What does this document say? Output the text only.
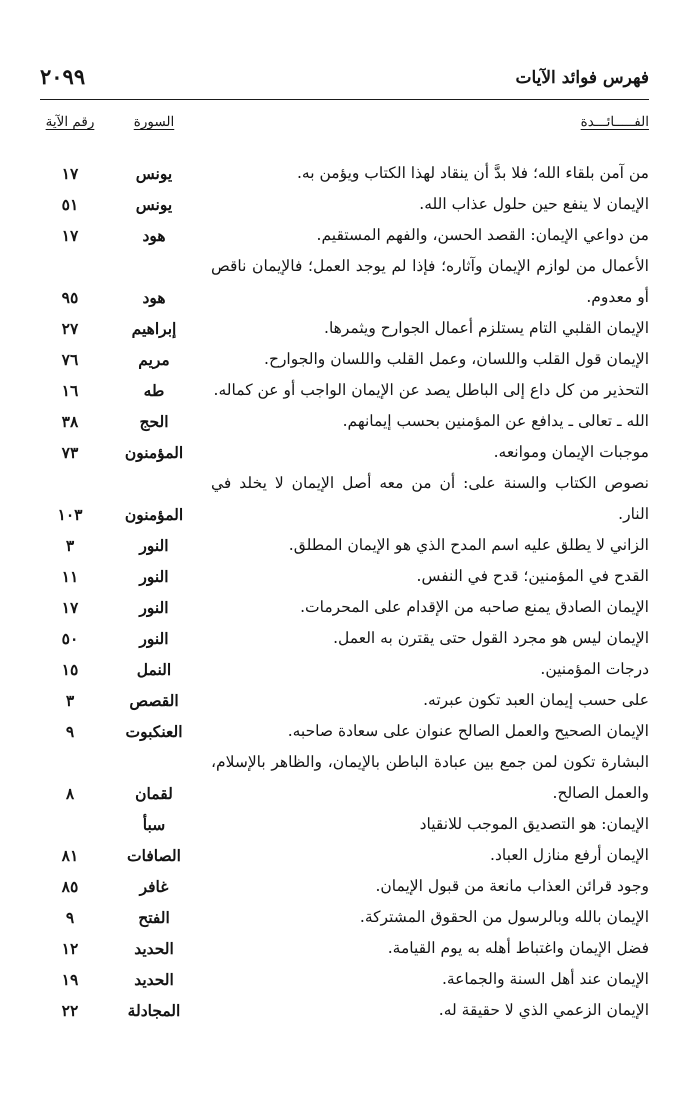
فهرس فوائد الآيات
٢٠٩٩
الفـــــائـــدة
السورة
رقم الآية
من آمن بلقاء الله؛ فلا بدَّ أن ينقاد لهذا الكتاب ويؤمن به.
يونس
١٧
الإيمان لا ينفع حين حلول عذاب الله.
يونس
٥١
من دواعي الإيمان: القصد الحسن، والفهم المستقيم.
هود
١٧
الأعمال من لوازم الإيمان وآثاره؛ فإذا لم يوجد العمل؛ فالإيمان ناقص أو معدوم.
هود
٩٥
الإيمان القلبي التام يستلزم أعمال الجوارح ويثمرها.
إبراهيم
٢٧
الإيمان قول القلب واللسان، وعمل القلب واللسان والجوارح.
مريم
٧٦
التحذير من كل داع إلى الباطل يصد عن الإيمان الواجب أو عن كماله.
طه
١٦
الله ـ تعالى ـ يدافع عن المؤمنين بحسب إيمانهم.
الحج
٣٨
موجبات الإيمان وموانعه.
المؤمنون
٧٣
نصوص الكتاب والسنة على: أن من معه أصل الإيمان لا يخلد في النار.
المؤمنون
١٠٣
الزاني لا يطلق عليه اسم المدح الذي هو الإيمان المطلق.
النور
٣
القدح في المؤمنين؛ قدح في النفس.
النور
١١
الإيمان الصادق يمنع صاحبه من الإقدام على المحرمات.
النور
١٧
الإيمان ليس هو مجرد القول حتى يقترن به العمل.
النور
٥٠
درجات المؤمنين.
النمل
١٥
على حسب إيمان العبد تكون عبرته.
القصص
٣
الإيمان الصحيح والعمل الصالح عنوان على سعادة صاحبه.
العنكبوت
٩
البشارة تكون لمن جمع بين عبادة الباطن بالإيمان، والظاهر بالإسلام، والعمل الصالح.
لقمان
٨
الإيمان: هو التصديق الموجب للانقياد
سبأ
الإيمان أرفع منازل العباد.
الصافات
٨١
وجود قرائن العذاب مانعة من قبول الإيمان.
غافر
٨٥
الإيمان بالله وبالرسول من الحقوق المشتركة.
الفتح
٩
فضل الإيمان واغتباط أهله به يوم القيامة.
الحديد
١٢
الإيمان عند أهل السنة والجماعة.
الحديد
١٩
الإيمان الزعمي الذي لا حقيقة له.
المجادلة
٢٢
